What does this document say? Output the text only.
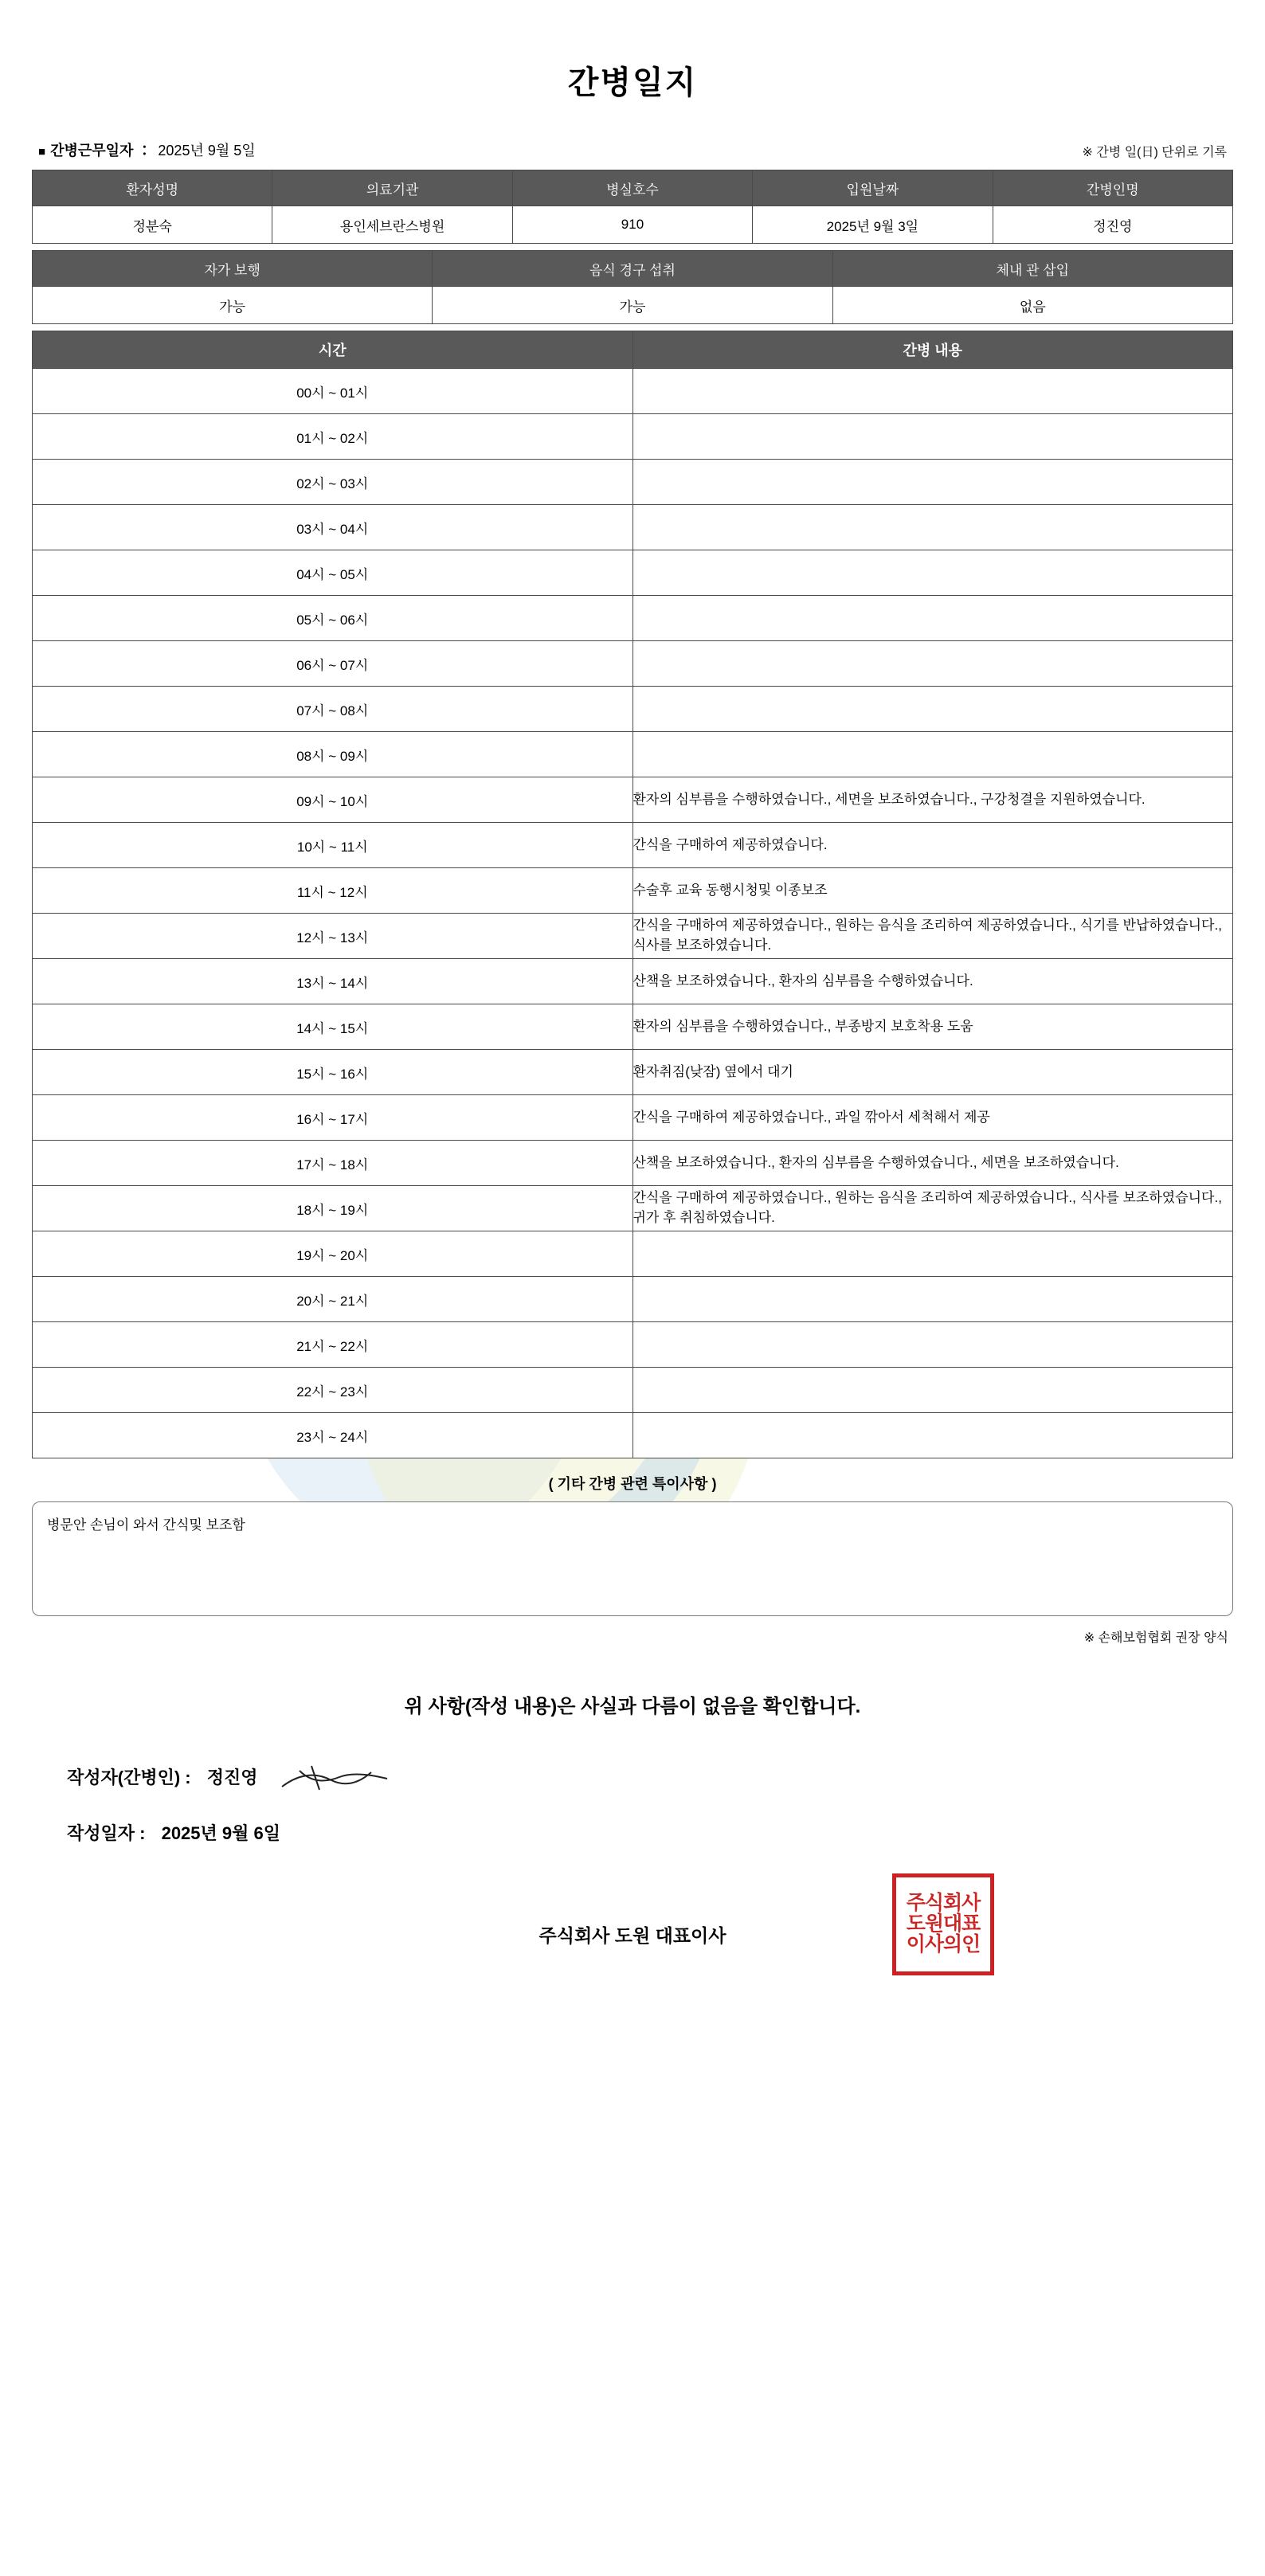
간병일지
■ 간병근무일자 ： 2025년 9월 5일	※ 간병 일(日) 단위로 기록
환자성명	의료기관	병실호수	입원날짜	간병인명
정분숙	용인세브란스병원	910	2025년 9월 3일	정진영
자가 보행	음식 경구 섭취	체내 관 삽입
가능	가능	없음
시간	간병 내용
00시 ~ 01시	
01시 ~ 02시	
02시 ~ 03시	
03시 ~ 04시	
04시 ~ 05시	
05시 ~ 06시	
06시 ~ 07시	
07시 ~ 08시	
08시 ~ 09시	
09시 ~ 10시	환자의 심부름을 수행하였습니다., 세면을 보조하였습니다., 구강청결을 지원하였습니다.
10시 ~ 11시	간식을 구매하여 제공하였습니다.
11시 ~ 12시	수술후 교육 동행시청및 이종보조
12시 ~ 13시	간식을 구매하여 제공하였습니다., 원하는 음식을 조리하여 제공하였습니다., 식기를 반납하였습니다., 식사를 보조하였습니다.
13시 ~ 14시	산책을 보조하였습니다., 환자의 심부름을 수행하였습니다.
14시 ~ 15시	환자의 심부름을 수행하였습니다., 부종방지 보호착용 도움
15시 ~ 16시	환자취짐(낮잠) 옆에서 대기
16시 ~ 17시	간식을 구매하여 제공하였습니다., 과일 깎아서 세척해서 제공
17시 ~ 18시	산책을 보조하였습니다., 환자의 심부름을 수행하였습니다., 세면을 보조하였습니다.
18시 ~ 19시	간식을 구매하여 제공하였습니다., 원하는 음식을 조리하여 제공하였습니다., 식사를 보조하였습니다., 귀가 후 취침하였습니다.
19시 ~ 20시	
20시 ~ 21시	
21시 ~ 22시	
22시 ~ 23시	
23시 ~ 24시	
( 기타 간병 관련 특이사항 )
병문안 손님이 와서 간식및 보조함
※ 손해보험협회 권장 양식
위 사항(작성 내용)은 사실과 다름이 없음을 확인합니다.
작성자(간병인) : 정진영
작성일자 : 2025년 9월 6일
주식회사 도원 대표이사
주식회사
도원대표
이사의인
